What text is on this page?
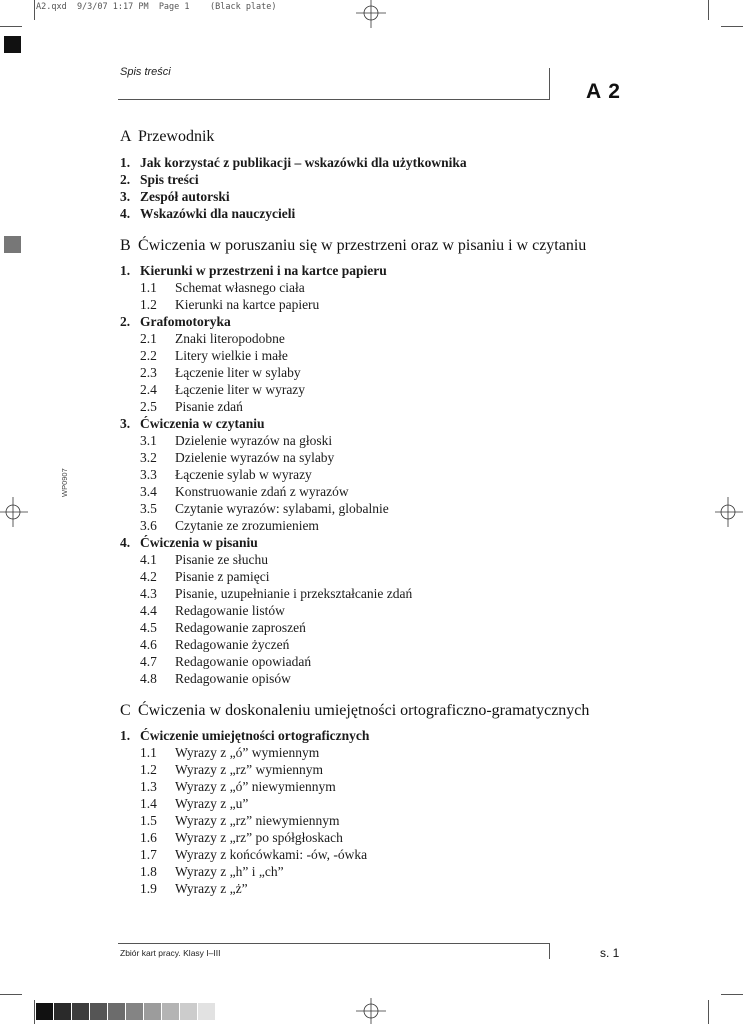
A2.qxd  9/3/07 1:17 PM  Page 1    (Black plate)
WP0907
Spis treści
A 2
A Przewodnik
1. Jak korzystać z publikacji – wskazówki dla użytkownika
2. Spis treści
3. Zespół autorski
4. Wskazówki dla nauczycieli
B Ćwiczenia w poruszaniu się w przestrzeni oraz w pisaniu i w czytaniu
1. Kierunki w przestrzeni i na kartce papieru
1.1 Schemat własnego ciała
1.2 Kierunki na kartce papieru
2. Grafomotoryka
2.1 Znaki literopodobne
2.2 Litery wielkie i małe
2.3 Łączenie liter w sylaby
2.4 Łączenie liter w wyrazy
2.5 Pisanie zdań
3. Ćwiczenia w czytaniu
3.1 Dzielenie wyrazów na głoski
3.2 Dzielenie wyrazów na sylaby
3.3 Łączenie sylab w wyrazy
3.4 Konstruowanie zdań z wyrazów
3.5 Czytanie wyrazów: sylabami, globalnie
3.6 Czytanie ze zrozumieniem
4. Ćwiczenia w pisaniu
4.1 Pisanie ze słuchu
4.2 Pisanie z pamięci
4.3 Pisanie, uzupełnianie i przekształcanie zdań
4.4 Redagowanie listów
4.5 Redagowanie zaproszeń
4.6 Redagowanie życzeń
4.7 Redagowanie opowiadań
4.8 Redagowanie opisów
C Ćwiczenia w doskonaleniu umiejętności ortograficzno-gramatycznych
1. Ćwiczenie umiejętności ortograficznych
1.1 Wyrazy z „ó” wymiennym
1.2 Wyrazy z „rz” wymiennym
1.3 Wyrazy z „ó” niewymiennym
1.4 Wyrazy z „u”
1.5 Wyrazy z „rz” niewymiennym
1.6 Wyrazy z „rz” po spółgłoskach
1.7 Wyrazy z końcówkami: -ów, -ówka
1.8 Wyrazy z „h” i „ch”
1.9 Wyrazy z „ż”
Zbiór kart pracy. Klasy I–III	s. 1
